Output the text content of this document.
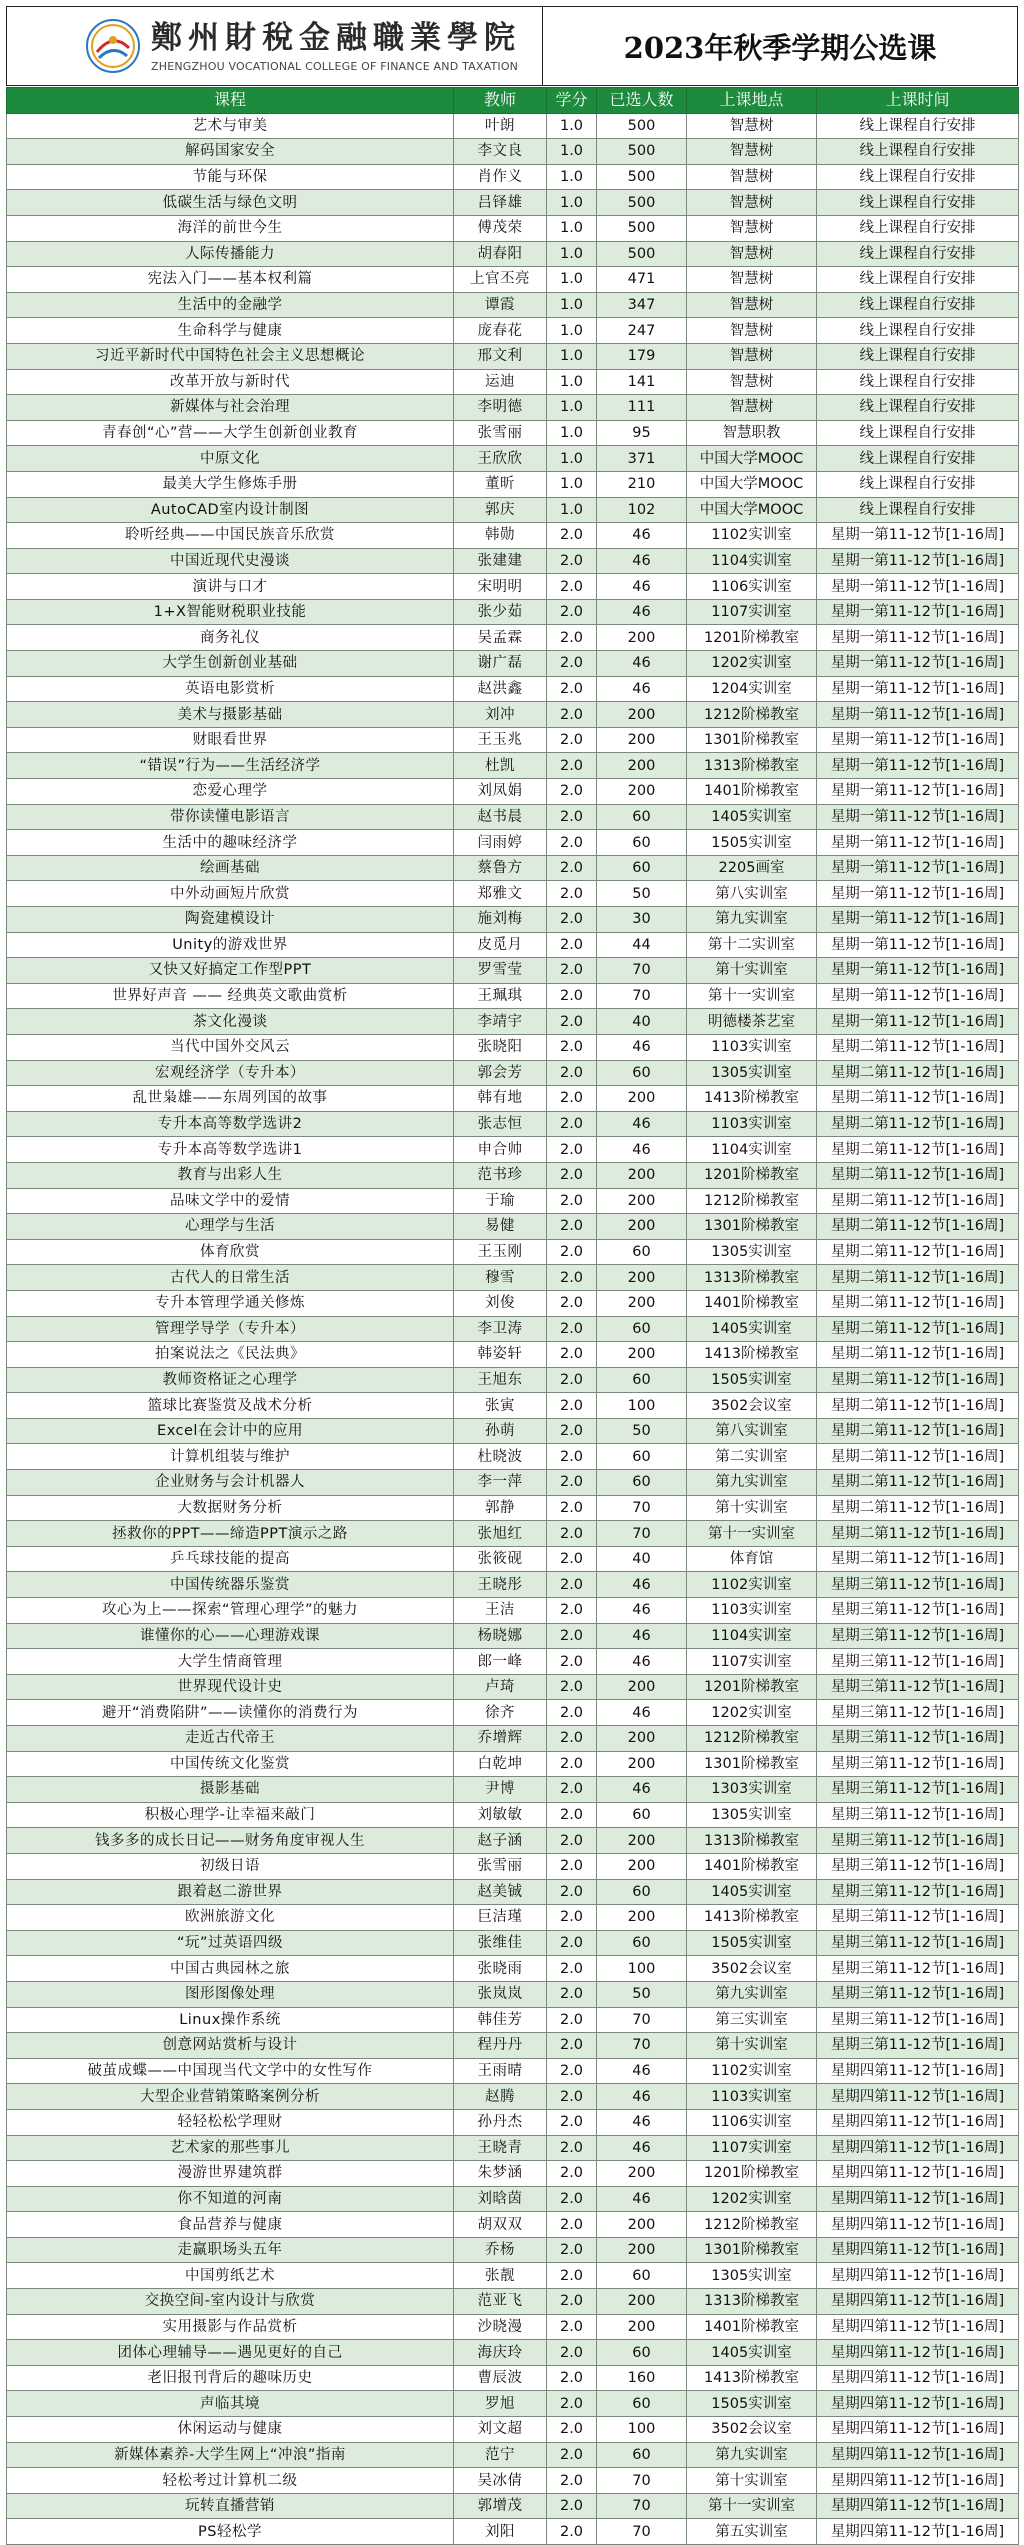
鄭州財稅金融職業學院
ZHENGZHOU VOCATIONAL COLLEGE OF FINANCE AND TAXATION
2023年秋季学期公选课
课程	教师	学分	已选人数	上课地点	上课时间
艺术与审美	叶朗	1.0	500	智慧树	线上课程自行安排
解码国家安全	李文良	1.0	500	智慧树	线上课程自行安排
节能与环保	肖作义	1.0	500	智慧树	线上课程自行安排
低碳生活与绿色文明	吕铎雄	1.0	500	智慧树	线上课程自行安排
海洋的前世今生	傅茂荣	1.0	500	智慧树	线上课程自行安排
人际传播能力	胡春阳	1.0	500	智慧树	线上课程自行安排
宪法入门——基本权利篇	上官丕亮	1.0	471	智慧树	线上课程自行安排
生活中的金融学	谭霞	1.0	347	智慧树	线上课程自行安排
生命科学与健康	庞春花	1.0	247	智慧树	线上课程自行安排
习近平新时代中国特色社会主义思想概论	邢文利	1.0	179	智慧树	线上课程自行安排
改革开放与新时代	运迪	1.0	141	智慧树	线上课程自行安排
新媒体与社会治理	李明德	1.0	111	智慧树	线上课程自行安排
青春创“心”营——大学生创新创业教育	张雪丽	1.0	95	智慧职教	线上课程自行安排
中原文化	王欣欣	1.0	371	中国大学MOOC	线上课程自行安排
最美大学生修炼手册	董昕	1.0	210	中国大学MOOC	线上课程自行安排
AutoCAD室内设计制图	郭庆	1.0	102	中国大学MOOC	线上课程自行安排
聆听经典——中国民族音乐欣赏	韩勋	2.0	46	1102实训室	星期一第11-12节[1-16周]
中国近现代史漫谈	张建建	2.0	46	1104实训室	星期一第11-12节[1-16周]
演讲与口才	宋明明	2.0	46	1106实训室	星期一第11-12节[1-16周]
1+X智能财税职业技能	张少茹	2.0	46	1107实训室	星期一第11-12节[1-16周]
商务礼仪	吴孟霖	2.0	200	1201阶梯教室	星期一第11-12节[1-16周]
大学生创新创业基础	谢广磊	2.0	46	1202实训室	星期一第11-12节[1-16周]
英语电影赏析	赵洪鑫	2.0	46	1204实训室	星期一第11-12节[1-16周]
美术与摄影基础	刘冲	2.0	200	1212阶梯教室	星期一第11-12节[1-16周]
财眼看世界	王玉兆	2.0	200	1301阶梯教室	星期一第11-12节[1-16周]
“错误”行为——生活经济学	杜凯	2.0	200	1313阶梯教室	星期一第11-12节[1-16周]
恋爱心理学	刘凤娟	2.0	200	1401阶梯教室	星期一第11-12节[1-16周]
带你读懂电影语言	赵书晨	2.0	60	1405实训室	星期一第11-12节[1-16周]
生活中的趣味经济学	闫雨婷	2.0	60	1505实训室	星期一第11-12节[1-16周]
绘画基础	蔡鲁方	2.0	60	2205画室	星期一第11-12节[1-16周]
中外动画短片欣赏	郑雅文	2.0	50	第八实训室	星期一第11-12节[1-16周]
陶瓷建模设计	施刘梅	2.0	30	第九实训室	星期一第11-12节[1-16周]
Unity的游戏世界	皮觅月	2.0	44	第十二实训室	星期一第11-12节[1-16周]
又快又好搞定工作型PPT	罗雪莹	2.0	70	第十实训室	星期一第11-12节[1-16周]
世界好声音 —— 经典英文歌曲赏析	王珮琪	2.0	70	第十一实训室	星期一第11-12节[1-16周]
茶文化漫谈	李靖宇	2.0	40	明德楼茶艺室	星期一第11-12节[1-16周]
当代中国外交风云	张晓阳	2.0	46	1103实训室	星期二第11-12节[1-16周]
宏观经济学（专升本）	郭会芳	2.0	60	1305实训室	星期二第11-12节[1-16周]
乱世枭雄——东周列国的故事	韩有地	2.0	200	1413阶梯教室	星期二第11-12节[1-16周]
专升本高等数学选讲2	张志恒	2.0	46	1103实训室	星期二第11-12节[1-16周]
专升本高等数学选讲1	申合帅	2.0	46	1104实训室	星期二第11-12节[1-16周]
教育与出彩人生	范书珍	2.0	200	1201阶梯教室	星期二第11-12节[1-16周]
品味文学中的爱情	于瑜	2.0	200	1212阶梯教室	星期二第11-12节[1-16周]
心理学与生活	易健	2.0	200	1301阶梯教室	星期二第11-12节[1-16周]
体育欣赏	王玉刚	2.0	60	1305实训室	星期二第11-12节[1-16周]
古代人的日常生活	穆雪	2.0	200	1313阶梯教室	星期二第11-12节[1-16周]
专升本管理学通关修炼	刘俊	2.0	200	1401阶梯教室	星期二第11-12节[1-16周]
管理学导学（专升本）	李卫涛	2.0	60	1405实训室	星期二第11-12节[1-16周]
拍案说法之《民法典》	韩姿轩	2.0	200	1413阶梯教室	星期二第11-12节[1-16周]
教师资格证之心理学	王旭东	2.0	60	1505实训室	星期二第11-12节[1-16周]
篮球比赛鉴赏及战术分析	张寅	2.0	100	3502会议室	星期二第11-12节[1-16周]
Excel在会计中的应用	孙萌	2.0	50	第八实训室	星期二第11-12节[1-16周]
计算机组装与维护	杜晓波	2.0	60	第二实训室	星期二第11-12节[1-16周]
企业财务与会计机器人	李一萍	2.0	60	第九实训室	星期二第11-12节[1-16周]
大数据财务分析	郭静	2.0	70	第十实训室	星期二第11-12节[1-16周]
拯救你的PPT——缔造PPT演示之路	张旭红	2.0	70	第十一实训室	星期二第11-12节[1-16周]
乒乓球技能的提高	张筱砚	2.0	40	体育馆	星期二第11-12节[1-16周]
中国传统器乐鉴赏	王晓彤	2.0	46	1102实训室	星期三第11-12节[1-16周]
攻心为上——探索“管理心理学”的魅力	王洁	2.0	46	1103实训室	星期三第11-12节[1-16周]
谁懂你的心——心理游戏课	杨晓娜	2.0	46	1104实训室	星期三第11-12节[1-16周]
大学生情商管理	郎一峰	2.0	46	1107实训室	星期三第11-12节[1-16周]
世界现代设计史	卢琦	2.0	200	1201阶梯教室	星期三第11-12节[1-16周]
避开“消费陷阱”——读懂你的消费行为	徐齐	2.0	46	1202实训室	星期三第11-12节[1-16周]
走近古代帝王	乔增辉	2.0	200	1212阶梯教室	星期三第11-12节[1-16周]
中国传统文化鉴赏	白乾坤	2.0	200	1301阶梯教室	星期三第11-12节[1-16周]
摄影基础	尹博	2.0	46	1303实训室	星期三第11-12节[1-16周]
积极心理学-让幸福来敲门	刘敏敏	2.0	60	1305实训室	星期三第11-12节[1-16周]
钱多多的成长日记——财务角度审视人生	赵子涵	2.0	200	1313阶梯教室	星期三第11-12节[1-16周]
初级日语	张雪丽	2.0	200	1401阶梯教室	星期三第11-12节[1-16周]
跟着赵二游世界	赵美铖	2.0	60	1405实训室	星期三第11-12节[1-16周]
欧洲旅游文化	巨洁瑾	2.0	200	1413阶梯教室	星期三第11-12节[1-16周]
“玩”过英语四级	张维佳	2.0	60	1505实训室	星期三第11-12节[1-16周]
中国古典园林之旅	张晓雨	2.0	100	3502会议室	星期三第11-12节[1-16周]
图形图像处理	张岚岚	2.0	50	第九实训室	星期三第11-12节[1-16周]
Linux操作系统	韩佳芳	2.0	70	第三实训室	星期三第11-12节[1-16周]
创意网站赏析与设计	程丹丹	2.0	70	第十实训室	星期三第11-12节[1-16周]
破茧成蝶——中国现当代文学中的女性写作	王雨晴	2.0	46	1102实训室	星期四第11-12节[1-16周]
大型企业营销策略案例分析	赵腾	2.0	46	1103实训室	星期四第11-12节[1-16周]
轻轻松松学理财	孙丹杰	2.0	46	1106实训室	星期四第11-12节[1-16周]
艺术家的那些事儿	王晓青	2.0	46	1107实训室	星期四第11-12节[1-16周]
漫游世界建筑群	朱梦涵	2.0	200	1201阶梯教室	星期四第11-12节[1-16周]
你不知道的河南	刘晗茵	2.0	46	1202实训室	星期四第11-12节[1-16周]
食品营养与健康	胡双双	2.0	200	1212阶梯教室	星期四第11-12节[1-16周]
走赢职场头五年	乔杨	2.0	200	1301阶梯教室	星期四第11-12节[1-16周]
中国剪纸艺术	张靓	2.0	60	1305实训室	星期四第11-12节[1-16周]
交换空间-室内设计与欣赏	范亚飞	2.0	200	1313阶梯教室	星期四第11-12节[1-16周]
实用摄影与作品赏析	沙晓漫	2.0	200	1401阶梯教室	星期四第11-12节[1-16周]
团体心理辅导——遇见更好的自己	海庆玲	2.0	60	1405实训室	星期四第11-12节[1-16周]
老旧报刊背后的趣味历史	曹辰波	2.0	160	1413阶梯教室	星期四第11-12节[1-16周]
声临其境	罗旭	2.0	60	1505实训室	星期四第11-12节[1-16周]
休闲运动与健康	刘文超	2.0	100	3502会议室	星期四第11-12节[1-16周]
新媒体素养-大学生网上“冲浪”指南	范宁	2.0	60	第九实训室	星期四第11-12节[1-16周]
轻松考过计算机二级	吴冰倩	2.0	70	第十实训室	星期四第11-12节[1-16周]
玩转直播营销	郭增茂	2.0	70	第十一实训室	星期四第11-12节[1-16周]
PS轻松学	刘阳	2.0	70	第五实训室	星期四第11-12节[1-16周]
